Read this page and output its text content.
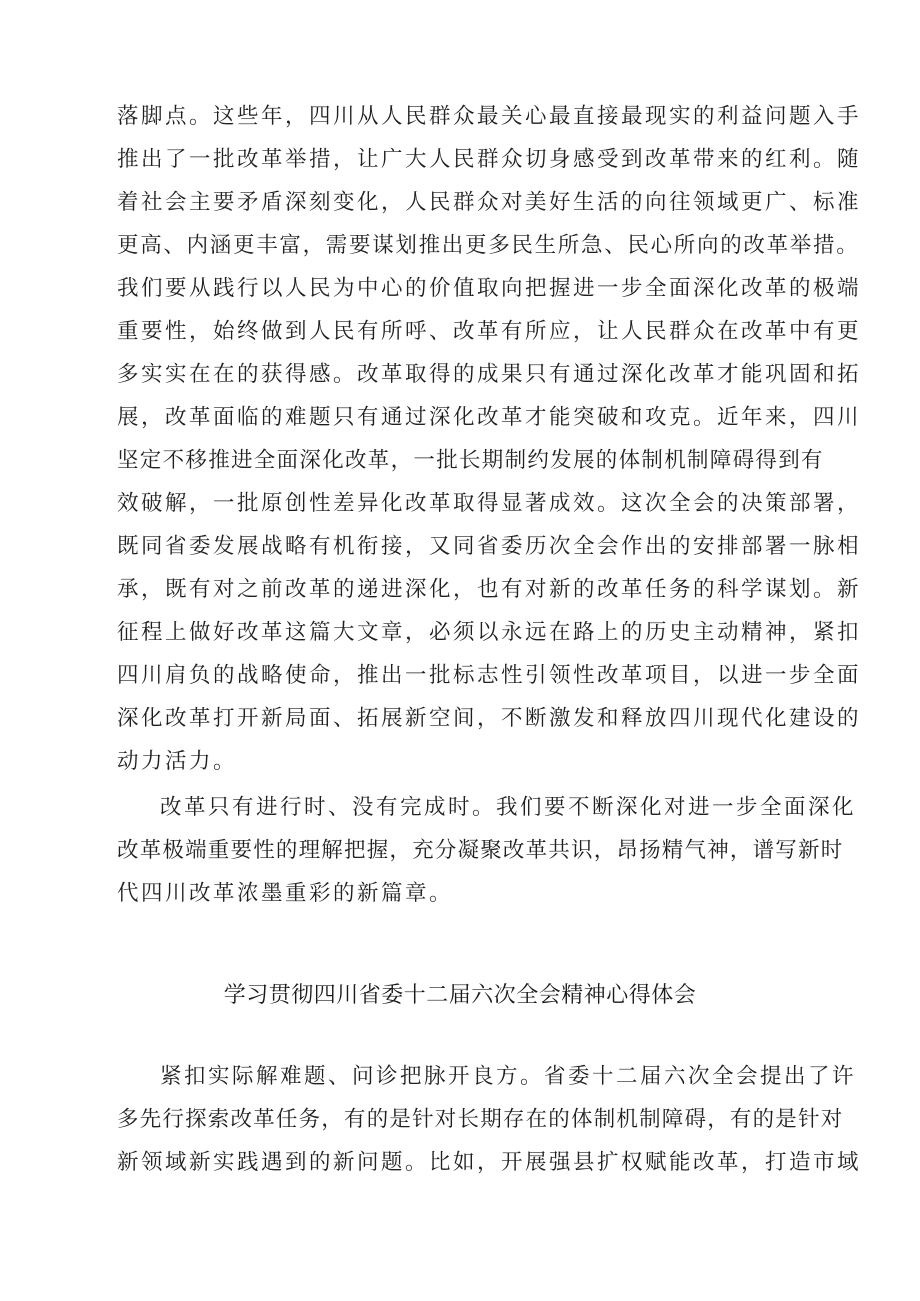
落脚点。这些年，四川从人民群众最关心最直接最现实的利益问题入手
推出了一批改革举措，让广大人民群众切身感受到改革带来的红利。随
着社会主要矛盾深刻变化，人民群众对美好生活的向往领域更广、标准
更高、内涵更丰富，需要谋划推出更多民生所急、民心所向的改革举措。
我们要从践行以人民为中心的价值取向把握进一步全面深化改革的极端
重要性，始终做到人民有所呼、改革有所应，让人民群众在改革中有更
多实实在在的获得感。改革取得的成果只有通过深化改革才能巩固和拓
展，改革面临的难题只有通过深化改革才能突破和攻克。近年来，四川
坚定不移推进全面深化改革，一批长期制约发展的体制机制障碍得到有
效破解，一批原创性差异化改革取得显著成效。这次全会的决策部署，
既同省委发展战略有机衔接，又同省委历次全会作出的安排部署一脉相
承，既有对之前改革的递进深化，也有对新的改革任务的科学谋划。新
征程上做好改革这篇大文章，必须以永远在路上的历史主动精神，紧扣
四川肩负的战略使命，推出一批标志性引领性改革项目，以进一步全面
深化改革打开新局面、拓展新空间，不断激发和释放四川现代化建设的
动力活力。
改革只有进行时、没有完成时。我们要不断深化对进一步全面深化
改革极端重要性的理解把握，充分凝聚改革共识，昂扬精气神，谱写新时
代四川改革浓墨重彩的新篇章。
学习贯彻四川省委十二届六次全会精神心得体会
紧扣实际解难题、问诊把脉开良方。省委十二届六次全会提出了许
多先行探索改革任务，有的是针对长期存在的体制机制障碍，有的是针对
新领域新实践遇到的新问题。比如，开展强县扩权赋能改革，打造市域
